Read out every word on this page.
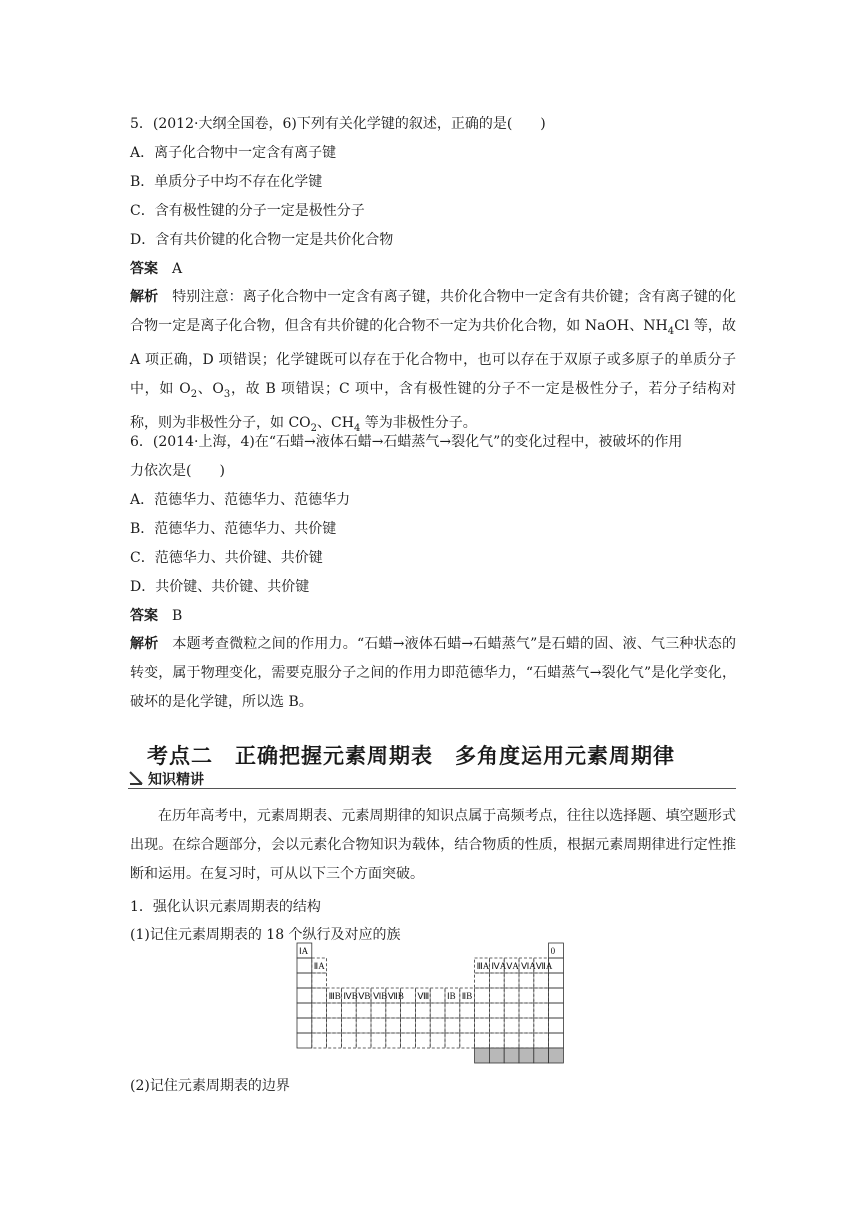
5．(2012·大纲全国卷，6)下列有关化学键的叙述，正确的是(　　)
A．离子化合物中一定含有离子键
B．单质分子中均不存在化学键
C．含有极性键的分子一定是极性分子
D．含有共价键的化合物一定是共价化合物
答案 A
解析 特别注意：离子化合物中一定含有离子键，共价化合物中一定含有共价键；含有离子键的化合物一定是离子化合物，但含有共价键的化合物不一定为共价化合物，如 NaOH、$NH_4Cl$ 等，故 A 项正确，D 项错误；化学键既可以存在于化合物中，也可以存在于双原子或多原子的单质分子中，如 $O_2$、$O_3$，故 B 项错误；C 项中，含有极性键的分子不一定是极性分子，若分子结构对称，则为非极性分子，如 $CO_2$、$CH_4$ 等为非极性分子。
6．(2014·上海，4)在“石蜡→液体石蜡→石蜡蒸气→裂化气”的变化过程中，被破坏的作用
力依次是(　　)
A．范德华力、范德华力、范德华力
B．范德华力、范德华力、共价键
C．范德华力、共价键、共价键
D．共价键、共价键、共价键
答案 B
解析 本题考查微粒之间的作用力。“石蜡→液体石蜡→石蜡蒸气”是石蜡的固、液、气三种状态的转变，属于物理变化，需要克服分子之间的作用力即范德华力，“石蜡蒸气→裂化气”是化学变化，破坏的是化学键，所以选 B。
考点二　正确把握元素周期表　多角度运用元素周期律
知识精讲
在历年高考中，元素周期表、元素周期律的知识点属于高频考点，往往以选择题、填空题形式出现。在综合题部分，会以元素化合物知识为载体，结合物质的性质，根据元素周期律进行定性推断和运用。在复习时，可从以下三个方面突破。
1．强化认识元素周期表的结构
(1)记住元素周期表的 18 个纵行及对应的族
ⅠA
ⅡA
ⅢB ⅣB ⅤB ⅥB ⅦB Ⅷ ⅠB ⅡB
ⅢA ⅣA ⅤA ⅥA ⅦA
0
(2)记住元素周期表的边界
